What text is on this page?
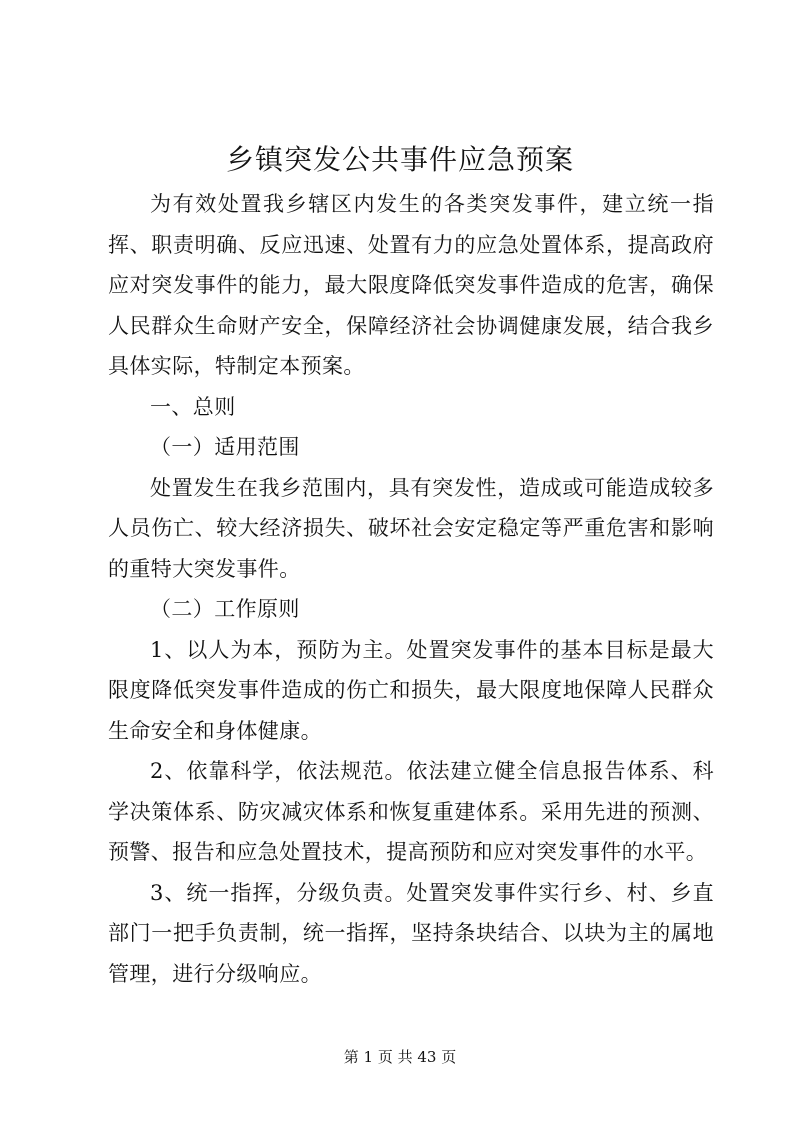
乡镇突发公共事件应急预案

为有效处置我乡辖区内发生的各类突发事件，建立统一指挥、职责明确、反应迅速、处置有力的应急处置体系，提高政府应对突发事件的能力，最大限度降低突发事件造成的危害，确保人民群众生命财产安全，保障经济社会协调健康发展，结合我乡具体实际，特制定本预案。

一、总则

（一）适用范围

处置发生在我乡范围内，具有突发性，造成或可能造成较多人员伤亡、较大经济损失、破坏社会安定稳定等严重危害和影响的重特大突发事件。

（二）工作原则

1、以人为本，预防为主。处置突发事件的基本目标是最大限度降低突发事件造成的伤亡和损失，最大限度地保障人民群众生命安全和身体健康。

2、依靠科学，依法规范。依法建立健全信息报告体系、科学决策体系、防灾减灾体系和恢复重建体系。采用先进的预测、预警、报告和应急处置技术，提高预防和应对突发事件的水平。

3、统一指挥，分级负责。处置突发事件实行乡、村、乡直部门一把手负责制，统一指挥，坚持条块结合、以块为主的属地管理，进行分级响应。

第 1 页 共 43 页
